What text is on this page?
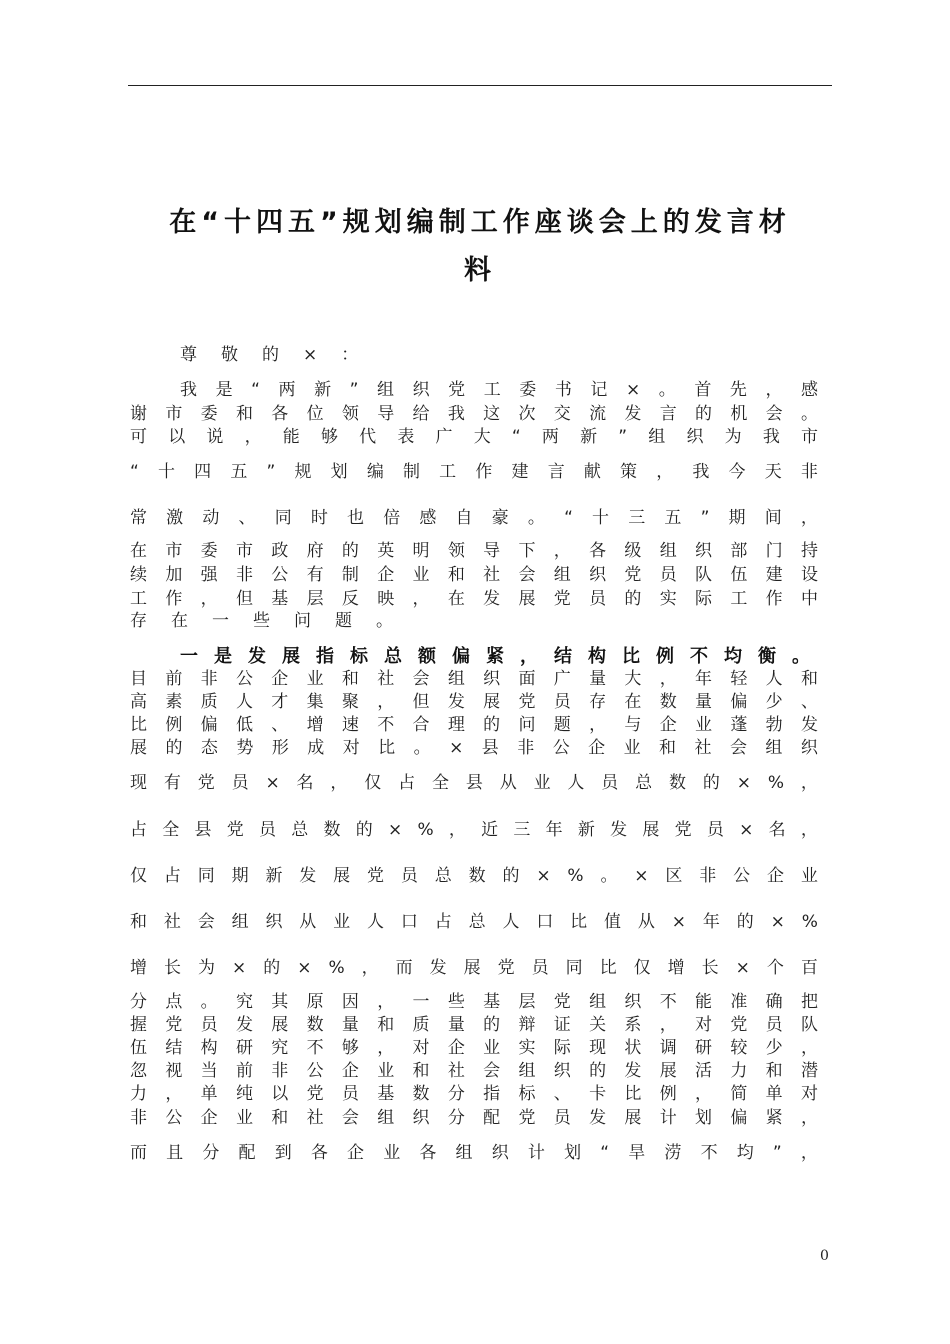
在“十四五”规划编制工作座谈会上的发言材
料
尊 敬 的 × ：
我 是 “ 两 新 ” 组 织 党 工 委 书 记 × 。 首 先 ， 感
谢 市 委 和 各 位 领 导 给 我 这 次 交 流 发 言 的 机 会 。
可 以 说 ， 能 够 代 表 广 大 “ 两 新 ” 组 织 为 我 市
“ 十 四 五 ” 规 划 编 制 工 作 建 言 献 策 ， 我 今 天 非
常 激 动 、 同 时 也 倍 感 自 豪 。 “ 十 三 五 ” 期 间 ，
在 市 委 市 政 府 的 英 明 领 导 下 ， 各 级 组 织 部 门 持
续 加 强 非 公 有 制 企 业 和 社 会 组 织 党 员 队 伍 建 设
工 作 ， 但 基 层 反 映 ， 在 发 展 党 员 的 实 际 工 作 中
存 在 一 些 问 题 。
一 是 发 展 指 标 总 额 偏 紧 ， 结 构 比 例 不 均 衡 。
目 前 非 公 企 业 和 社 会 组 织 面 广 量 大 ， 年 轻 人 和
高 素 质 人 才 集 聚 ， 但 发 展 党 员 存 在 数 量 偏 少 、
比 例 偏 低 、 增 速 不 合 理 的 问 题 ， 与 企 业 蓬 勃 发
展 的 态 势 形 成 对 比 。 × 县 非 公 企 业 和 社 会 组 织
现 有 党 员 × 名 ， 仅 占 全 县 从 业 人 员 总 数 的 × % ，
占 全 县 党 员 总 数 的 × % ， 近 三 年 新 发 展 党 员 × 名 ，
仅 占 同 期 新 发 展 党 员 总 数 的 × % 。 × 区 非 公 企 业
和 社 会 组 织 从 业 人 口 占 总 人 口 比 值 从 × 年 的 × %
增 长 为 × 的 × % ， 而 发 展 党 员 同 比 仅 增 长 × 个 百
分 点 。 究 其 原 因 ， 一 些 基 层 党 组 织 不 能 准 确 把
握 党 员 发 展 数 量 和 质 量 的 辩 证 关 系 ， 对 党 员 队
伍 结 构 研 究 不 够 ， 对 企 业 实 际 现 状 调 研 较 少 ，
忽 视 当 前 非 公 企 业 和 社 会 组 织 的 发 展 活 力 和 潜
力 ， 单 纯 以 党 员 基 数 分 指 标 、 卡 比 例 ， 简 单 对
非 公 企 业 和 社 会 组 织 分 配 党 员 发 展 计 划 偏 紧 ，
而 且 分 配 到 各 企 业 各 组 织 计 划 “ 旱 涝 不 均 ” ，
0
